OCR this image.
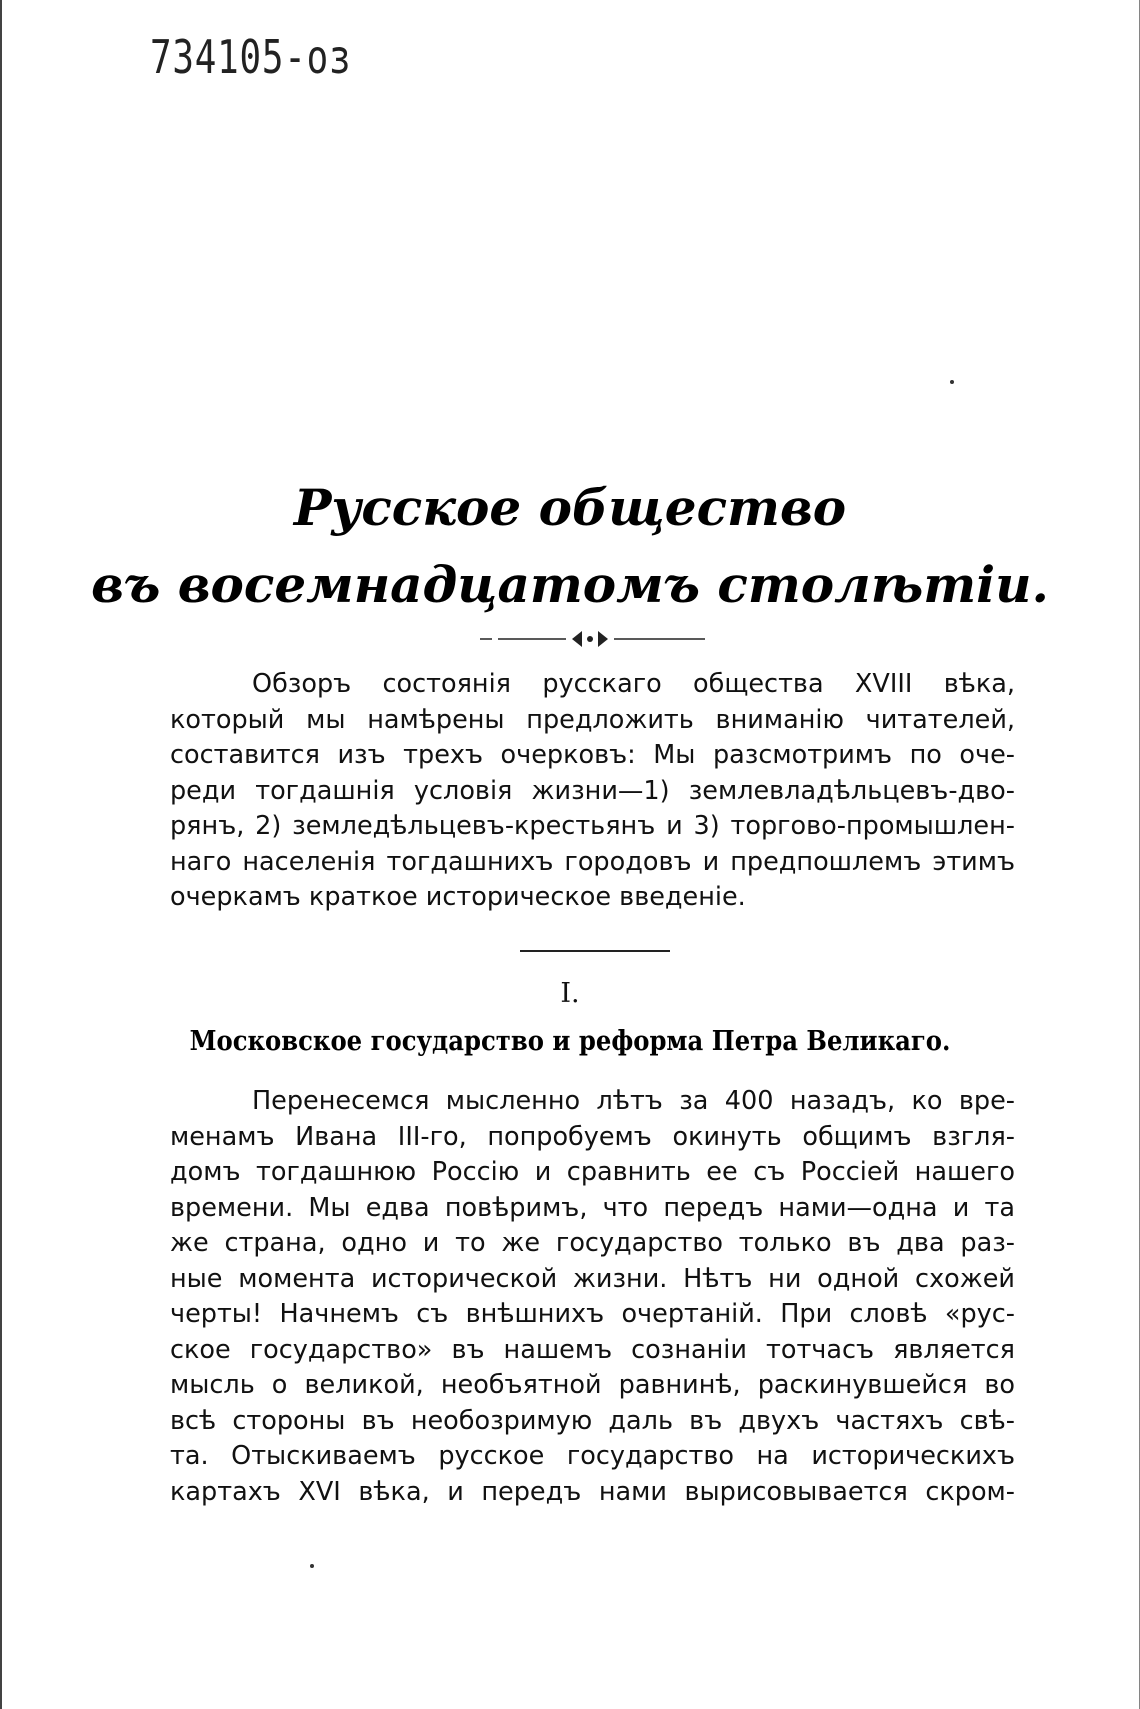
734105-оз
Русское общество
въ восемнадцатомъ столѣтіи.
Обзоръ состоянія русскаго общества XVIII вѣка,
который мы намѣрены предложить вниманію читателей,
составится изъ трехъ очерковъ: Мы разсмотримъ по оче-
реди тогдашнія условія жизни—1) землевладѣльцевъ-дво-
рянъ, 2) земледѣльцевъ-крестьянъ и 3) торгово-промышлен-
наго населенія тогдашнихъ городовъ и предпошлемъ этимъ
очеркамъ краткое историческое введеніе.
I.
Московское государство и реформа Петра Великаго.
Перенесемся мысленно лѣтъ за 400 назадъ, ко вре-
менамъ Ивана III-го, попробуемъ окинуть общимъ взгля-
домъ тогдашнюю Россію и сравнить ее съ Россіей нашего
времени. Мы едва повѣримъ, что передъ нами—одна и та
же страна, одно и то же государство только въ два раз-
ные момента исторической жизни. Нѣтъ ни одной схожей
черты! Начнемъ съ внѣшнихъ очертаній. При словѣ «рус-
ское государство» въ нашемъ сознаніи тотчасъ является
мысль о великой, необъятной равнинѣ, раскинувшейся во
всѣ стороны въ необозримую даль въ двухъ частяхъ свѣ-
та. Отыскиваемъ русское государство на историческихъ
картахъ XVI вѣка, и передъ нами вырисовывается скром-
